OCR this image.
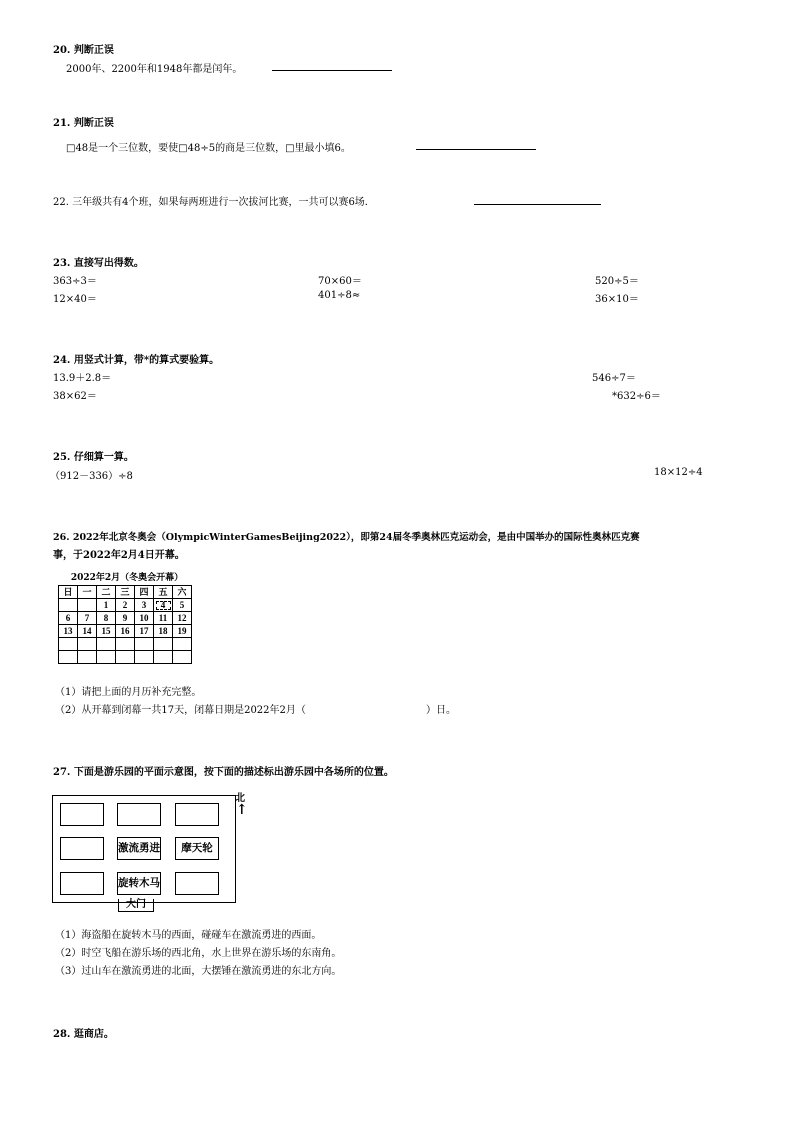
20. 判断正误
2000年、2200年和1948年都是闰年。
21. 判断正误
□48是一个三位数，要使□48÷5的商是三位数，□里最小填6。
22. 三年级共有4个班，如果每两班进行一次拔河比赛，一共可以赛6场．
23. 直接写出得数。
363÷3＝	70×60＝	520÷5＝
12×40＝	401÷8≈	36×10＝
24. 用竖式计算，带*的算式要验算。
13.9＋2.8＝	546÷7＝
38×62＝	*632÷6＝
25. 仔细算一算。
（912－336）÷8	18×12÷4
26. 2022年北京冬奥会（OlympicWinterGamesBeijing2022），即第24届冬季奥林匹克运动会，是由中国举办的国际性奥林匹克赛
事，于2022年2月4日开幕。
2022年2月（冬奥会开幕）
日	一	二	三	四	五	六
		1	2	3	4	5
6	7	8	9	10	11	12
13	14	15	16	17	18	19

（1）请把上面的月历补充完整。
（2）从开幕到闭幕一共17天，闭幕日期是2022年2月（	）日。
27. 下面是游乐园的平面示意图，按下面的描述标出游乐园中各场所的位置。
激流勇进	摩天轮
旋转木马
大门
北
↑
（1）海盗船在旋转木马的西面，碰碰车在激流勇进的西面。
（2）时空飞船在游乐场的西北角，水上世界在游乐场的东南角。
（3）过山车在激流勇进的北面，大摆锤在激流勇进的东北方向。
28. 逛商店。
